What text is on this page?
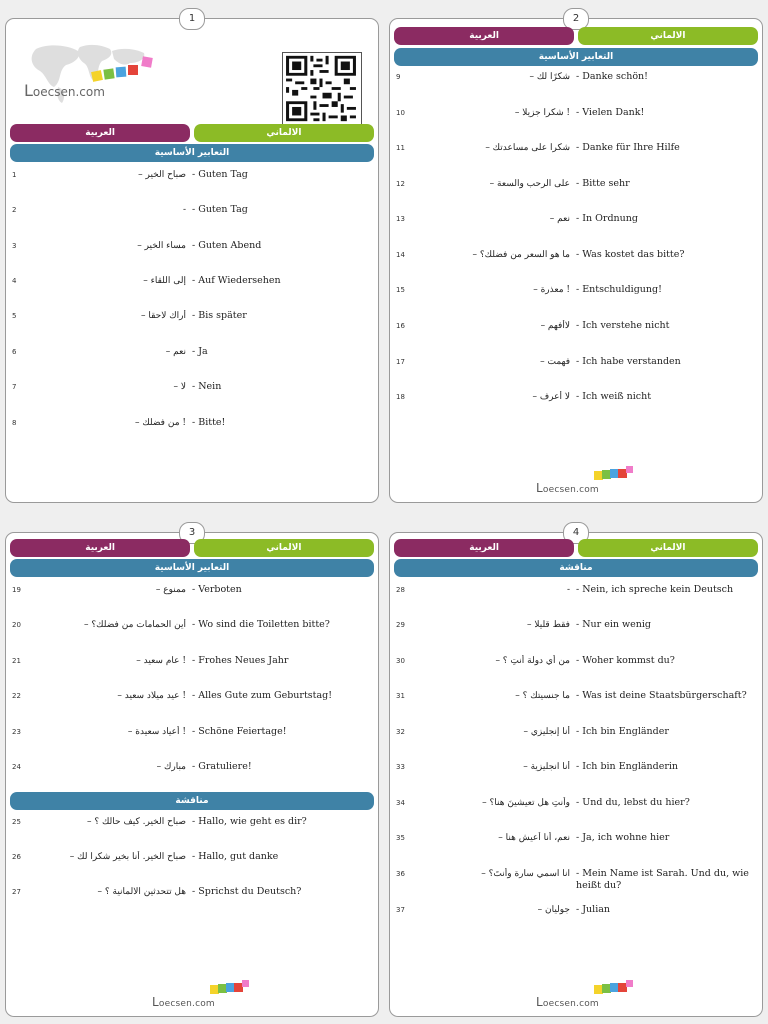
1
Loecsen.com
العربية	الالماني
التعابير الأساسية
1	صباح الخير – - Guten Tag
2	- - Guten Tag
3	مساء الخير – - Guten Abend
4	إلى اللقاء – - Auf Wiedersehen
5	أراك لاحقا – - Bis später
6	نعم – - Ja
7	لا – - Nein
8	! من فضلك – - Bitte!
2
العربية	الالماني
التعابير الأساسية
9	شكرًا لك – - Danke schön!
10	! شكرا جزيلا – - Vielen Dank!
11	شكرا على مساعدتك – - Danke für Ihre Hilfe
12	على الرحب والسعة – - Bitte sehr
13	نعم – - In Ordnung
14	ما هو السعر من فضلك؟ – - Was kostet das bitte?
15	! معذرة – - Entschuldigung!
16	لاأفهم – - Ich verstehe nicht
17	فهمت – - Ich habe verstanden
18	لا أعرف – - Ich weiß nicht
Loecsen.com
3
العربية	الالماني
التعابير الأساسية
19	ممنوع – - Verboten
20	أين الحمامات من فضلك؟ – - Wo sind die Toiletten bitte?
21	! عام سعيد – - Frohes Neues Jahr
22	! عيد ميلاد سعيد – - Alles Gute zum Geburtstag!
23	! أعياد سعيدة – - Schöne Feiertage!
24	مبارك – - Gratuliere!
مناقشة
25	صباح الخير. كيف حالك ؟ – - Hallo, wie geht es dir?
26	صباح الخير. أنا بخير شكرا لك – - Hallo, gut danke
27	هل تتحدثين الالمانية ؟ – - Sprichst du Deutsch?
Loecsen.com
4
العربية	الالماني
مناقشة
28	- - Nein, ich spreche kein Deutsch
29	فقط قليلا – - Nur ein wenig
30	من أي دولة أنتِ ؟ – - Woher kommst du?
31	ما جنسيتك ؟ – - Was ist deine Staatsbürgerschaft?
32	أنا إنجليزي – - Ich bin Engländer
33	أنا انجليزية – - Ich bin Engländerin
34	وأنتِ هل تعيشينَ هنا؟ – - Und du, lebst du hier?
35	نعم، أنا أعيش هنا – - Ja, ich wohne hier
36	انا اسمي سارة وأنتَ؟ – - Mein Name ist Sarah. Und du, wie heißt du?
37	جوليان – - Julian
Loecsen.com
